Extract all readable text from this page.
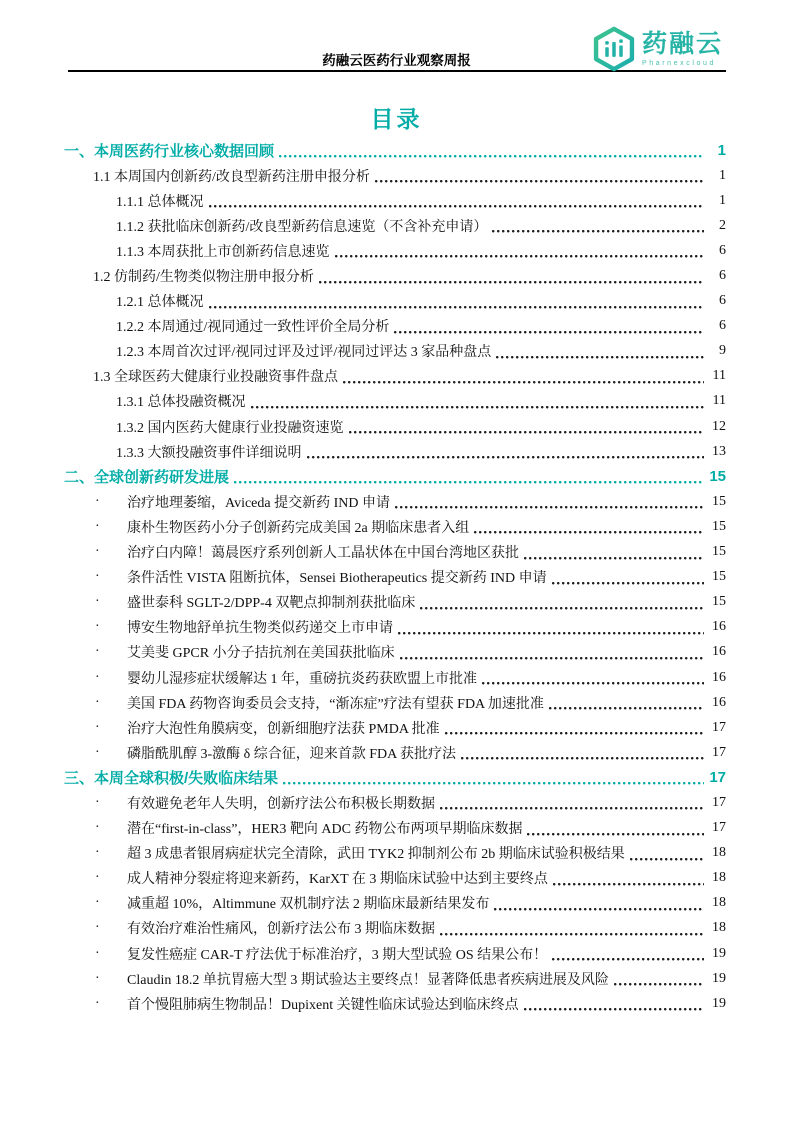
药融云医药行业观察周报
药融云
Pharnexcloud
目录
一、本周医药行业核心数据回顾	1
1.1 本周国内创新药/改良型新药注册申报分析	1
1.1.1 总体概况	1
1.1.2 获批临床创新药/改良型新药信息速览（不含补充申请）	2
1.1.3 本周获批上市创新药信息速览	6
1.2 仿制药/生物类似物注册申报分析	6
1.2.1 总体概况	6
1.2.2 本周通过/视同通过一致性评价全局分析	6
1.2.3 本周首次过评/视同过评及过评/视同过评达 3 家品种盘点	9
1.3 全球医药大健康行业投融资事件盘点	11
1.3.1 总体投融资概况	11
1.3.2 国内医药大健康行业投融资速览	12
1.3.3 大额投融资事件详细说明	13
二、全球创新药研发进展	15
·	治疗地理萎缩，Aviceda 提交新药 IND 申请	15
·	康朴生物医药小分子创新药完成美国 2a 期临床患者入组	15
·	治疗白内障！蔼晨医疗系列创新人工晶状体在中国台湾地区获批	15
·	条件活性 VISTA 阻断抗体，Sensei Biotherapeutics 提交新药 IND 申请	15
·	盛世泰科 SGLT-2/DPP-4 双靶点抑制剂获批临床	15
·	博安生物地舒单抗生物类似药递交上市申请	16
·	艾美斐 GPCR 小分子拮抗剂在美国获批临床	16
·	婴幼儿湿疹症状缓解达 1 年，重磅抗炎药获欧盟上市批准	16
·	美国 FDA 药物咨询委员会支持，“渐冻症”疗法有望获 FDA 加速批准	16
·	治疗大泡性角膜病变，创新细胞疗法获 PMDA 批准	17
·	磷脂酰肌醇 3-激酶 δ 综合征，迎来首款 FDA 获批疗法	17
三、本周全球积极/失败临床结果	17
·	有效避免老年人失明，创新疗法公布积极长期数据	17
·	潜在“first-in-class”，HER3 靶向 ADC 药物公布两项早期临床数据	17
·	超 3 成患者银屑病症状完全清除，武田 TYK2 抑制剂公布 2b 期临床试验积极结果	18
·	成人精神分裂症将迎来新药，KarXT 在 3 期临床试验中达到主要终点	18
·	减重超 10%，Altimmune 双机制疗法 2 期临床最新结果发布	18
·	有效治疗难治性痛风，创新疗法公布 3 期临床数据	18
·	复发性癌症 CAR-T 疗法优于标准治疗，3 期大型试验 OS 结果公布！	19
·	Claudin 18.2 单抗胃癌大型 3 期试验达主要终点！显著降低患者疾病进展及风险	19
·	首个慢阻肺病生物制品！Dupixent 关键性临床试验达到临床终点	19
